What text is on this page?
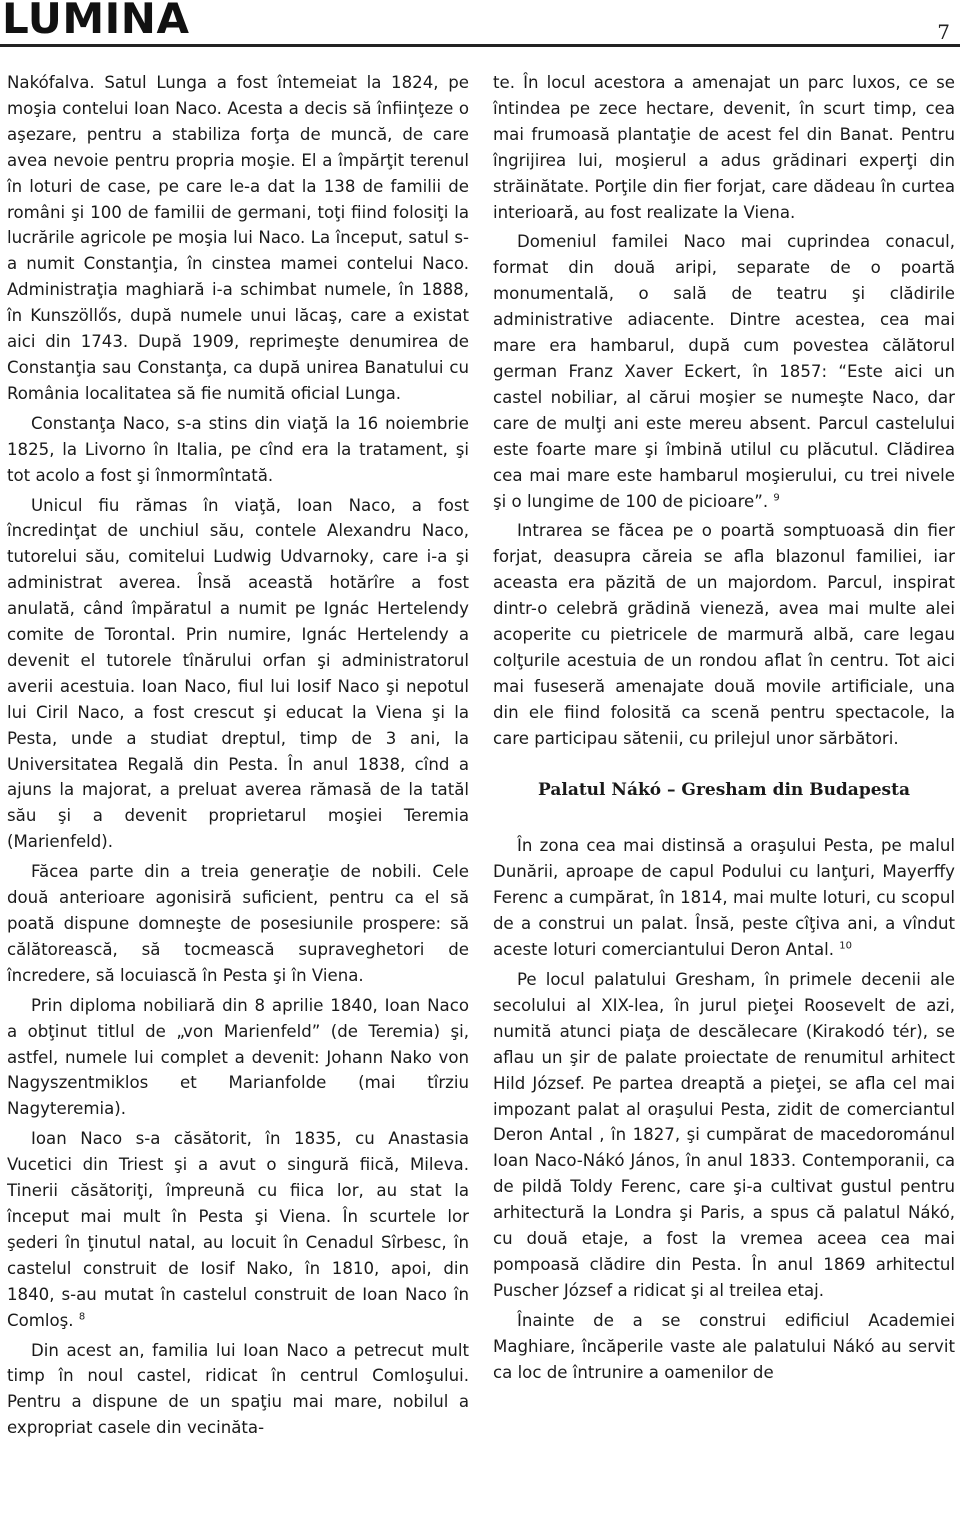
LUMINA	7

Nakófalva. Satul Lunga a fost întemeiat la 1824, pe moşia contelui Ioan Naco. Acesta a decis să înfiinţeze o aşezare, pentru a stabiliza forţa de muncă, de care avea nevoie pentru propria moşie. El a împărţit terenul în loturi de case, pe care le-a dat la 138 de familii de români şi 100 de familii de germani, toţi fiind folosiţi la lucrările agricole pe moşia lui Naco. La început, satul s-a numit Constanţia, în cinstea mamei contelui Naco. Administraţia maghiară i-a schimbat numele, în 1888, în Kunszöllős, după numele unui lăcaş, care a existat aici din 1743. După 1909, reprimeşte denumirea de Constanţia sau Constanţa, ca după unirea Banatului cu România localitatea să fie numită oficial Lunga.

Constanţa Naco, s-a stins din viaţă la 16 noiembrie 1825, la Livorno în Italia, pe cînd era la tratament, şi tot acolo a fost şi înmormîntată.

Unicul fiu rămas în viaţă, Ioan Naco, a fost încredinţat de unchiul său, contele Alexandru Naco, tutorelui său, comitelui Ludwig Udvarnoky, care i-a şi administrat averea. Însă această hotărîre a fost anulată, când împăratul a numit pe Ignác Hertelendy comite de Torontal. Prin numire, Ignác Hertelendy a devenit el tutorele tînărului orfan şi administratorul averii acestuia. Ioan Naco, fiul lui Iosif Naco şi nepotul lui Ciril Naco, a fost crescut şi educat la Viena şi la Pesta, unde a studiat dreptul, timp de 3 ani, la Universitatea Regală din Pesta. În anul 1838, cînd a ajuns la majorat, a preluat averea rămasă de la tatăl său şi a devenit proprietarul moşiei Teremia (Marienfeld).

Făcea parte din a treia generaţie de nobili. Cele două anterioare agonisiră suficient, pentru ca el să poată dispune domneşte de posesiunile prospere: să călătorească, să tocmească supraveghetori de încredere, să locuiască în Pesta şi în Viena.

Prin diploma nobiliară din 8 aprilie 1840, Ioan Naco a obţinut titlul de „von Marienfeld” (de Teremia) şi, astfel, numele lui complet a devenit: Johann Nako von Nagyszentmiklos et Marianfolde (mai tîrziu Nagyteremia).

Ioan Naco s-a căsătorit, în 1835, cu Anastasia Vucetici din Triest şi a avut o singură fiică, Mileva. Tinerii căsătoriţi, împreună cu fiica lor, au stat la început mai mult în Pesta şi Viena. În scurtele lor şederi în ţinutul natal, au locuit în Cenadul Sîrbesc, în castelul construit de Iosif Nako, în 1810, apoi, din 1840, s-au mutat în castelul construit de Ioan Naco în Comloş. $^8$

Din acest an, familia lui Ioan Naco a petrecut mult timp în noul castel, ridicat în centrul Comloşului. Pentru a dispune de un spaţiu mai mare, nobilul a expropriat casele din vecinăta-

te. În locul acestora a amenajat un parc luxos, ce se întindea pe zece hectare, devenit, în scurt timp, cea mai frumoasă plantaţie de acest fel din Banat. Pentru îngrijirea lui, moşierul a adus grădinari experţi din străinătate. Porţile din fier forjat, care dădeau în curtea interioară, au fost realizate la Viena.

Domeniul familei Naco mai cuprindea conacul, format din două aripi, separate de o poartă monumentală, o sală de teatru şi clădirile administrative adiacente. Dintre acestea, cea mai mare era hambarul, după cum povestea călătorul german Franz Xaver Eckert, în 1857: “Este aici un castel nobiliar, al cărui moşier se numeşte Naco, dar care de mulţi ani este mereu absent. Parcul castelului este foarte mare şi îmbină utilul cu plăcutul. Clădirea cea mai mare este hambarul moşierului, cu trei nivele şi o lungime de 100 de picioare”. $^9$

Intrarea se făcea pe o poartă somptuoasă din fier forjat, deasupra căreia se afla blazonul familiei, iar aceasta era păzită de un majordom. Parcul, inspirat dintr-o celebră grădină vieneză, avea mai multe alei acoperite cu pietricele de marmură albă, care legau colţurile acestuia de un rondou aflat în centru. Tot aici mai fuseseră amenajate două movile artificiale, una din ele fiind folosită ca scenă pentru spectacole, la care participau sătenii, cu prilejul unor sărbători.

Palatul Nákó – Gresham din Budapesta

În zona cea mai distinsă a oraşului Pesta, pe malul Dunării, aproape de capul Podului cu lanţuri, Mayerffy Ferenc a cumpărat, în 1814, mai multe loturi, cu scopul de a construi un palat. Însă, peste cîţiva ani, a vîndut aceste loturi comerciantului Deron Antal. $^{10}$

Pe locul palatului Gresham, în primele decenii ale secolului al XIX-lea, în jurul pieţei Roosevelt de azi, numită atunci piaţa de descălecare (Kirakodó tér), se aflau un şir de palate proiectate de renumitul arhitect Hild József. Pe partea dreaptă a pieţei, se afla cel mai impozant palat al oraşului Pesta, zidit de comerciantul Deron Antal , în 1827, şi cumpărat de macedorománul Ioan Naco-Nákó János, în anul 1833. Contemporanii, ca de pildă Toldy Ferenc, care şi-a cultivat gustul pentru arhitectură la Londra şi Paris, a spus că palatul Nákó, cu două etaje, a fost la vremea aceea cea mai pompoasă clădire din Pesta. În anul 1869 arhitectul Puscher József a ridicat şi al treilea etaj.

Înainte de a se construi edificiul Academiei Maghiare, încăperile vaste ale palatului Nákó au servit ca loc de întrunire a oamenilor de
